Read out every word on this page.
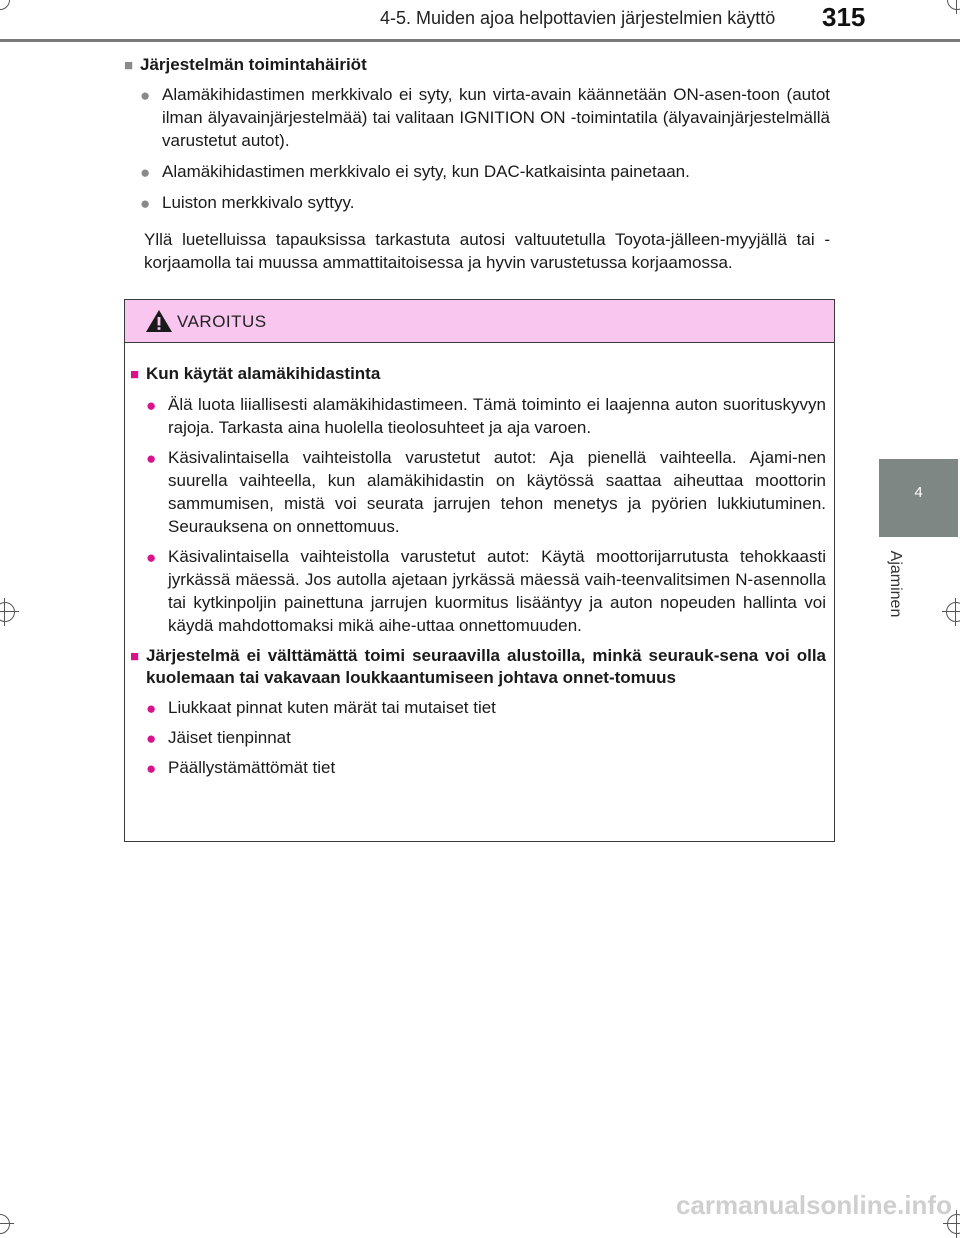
4-5. Muiden ajoa helpottavien järjestelmien käyttö 315
4
Ajaminen
■ Järjestelmän toimintahäiriöt
● Alamäkihidastimen merkkivalo ei syty, kun virta-avain käännetään ON-asen-toon (autot ilman älyavainjärjestelmää) tai valitaan IGNITION ON -toimintatila (älyavainjärjestelmällä varustetut autot).
● Alamäkihidastimen merkkivalo ei syty, kun DAC-katkaisinta painetaan.
● Luiston merkkivalo syttyy.
Yllä luetelluissa tapauksissa tarkastuta autosi valtuutetulla Toyota-jälleen-myyjällä tai -korjaamolla tai muussa ammattitaitoisessa ja hyvin varustetussa korjaamossa.
VAROITUS
■ Kun käytät alamäkihidastinta
● Älä luota liiallisesti alamäkihidastimeen. Tämä toiminto ei laajenna auton suorituskyvyn rajoja. Tarkasta aina huolella tieolosuhteet ja aja varoen.
● Käsivalintaisella vaihteistolla varustetut autot: Aja pienellä vaihteella. Ajami-nen suurella vaihteella, kun alamäkihidastin on käytössä saattaa aiheuttaa moottorin sammumisen, mistä voi seurata jarrujen tehon menetys ja pyörien lukkiutuminen. Seurauksena on onnettomuus.
● Käsivalintaisella vaihteistolla varustetut autot: Käytä moottorijarrutusta tehokkaasti jyrkässä mäessä. Jos autolla ajetaan jyrkässä mäessä vaih-teenvalitsimen N-asennolla tai kytkinpoljin painettuna jarrujen kuormitus lisääntyy ja auton nopeuden hallinta voi käydä mahdottomaksi mikä aihe-uttaa onnettomuuden.
■ Järjestelmä ei välttämättä toimi seuraavilla alustoilla, minkä seurauk-sena voi olla kuolemaan tai vakavaan loukkaantumiseen johtava onnet-tomuus
● Liukkaat pinnat kuten märät tai mutaiset tiet
● Jäiset tienpinnat
● Päällystämättömät tiet
carmanualsonline.info
